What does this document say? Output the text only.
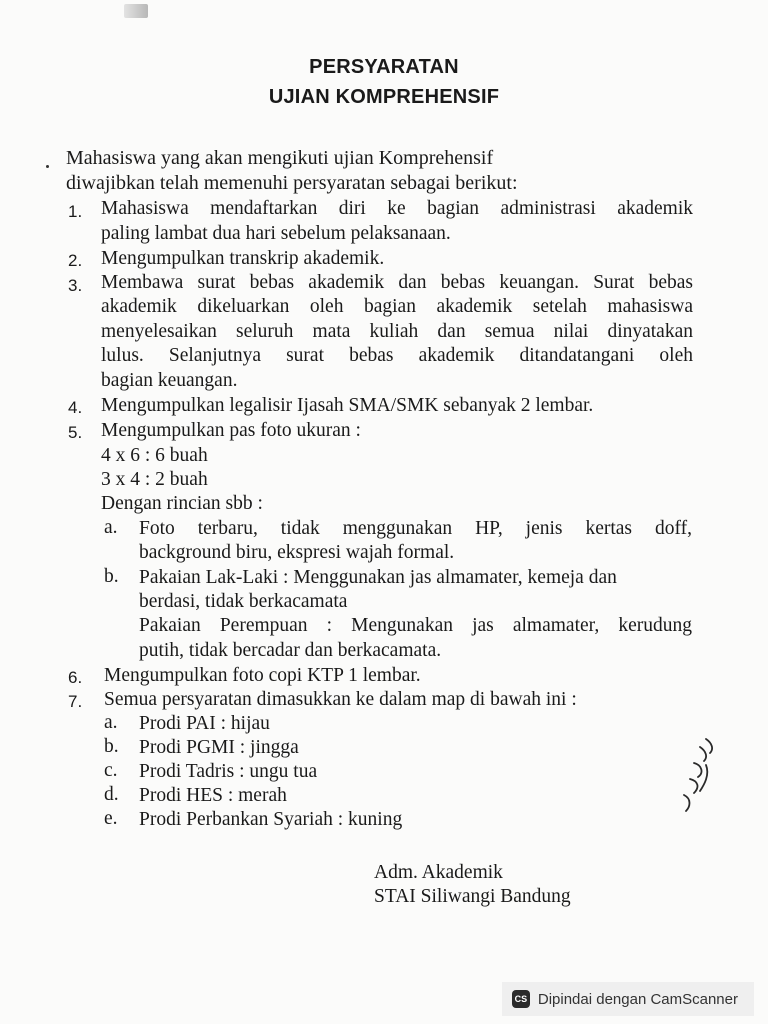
PERSYARATAN
UJIAN KOMPREHENSIF
Mahasiswa yang akan mengikuti ujian Komprehensif
diwajibkan telah memenuhi persyaratan sebagai berikut:
1. Mahasiswa mendaftarkan diri ke bagian administrasi akademik
paling lambat dua hari sebelum pelaksanaan.
2. Mengumpulkan transkrip akademik.
3. Membawa surat bebas akademik dan bebas keuangan. Surat bebas
akademik dikeluarkan oleh bagian akademik setelah mahasiswa
menyelesaikan seluruh mata kuliah dan semua nilai dinyatakan
lulus. Selanjutnya surat bebas akademik ditandatangani oleh
bagian keuangan.
4. Mengumpulkan legalisir Ijasah SMA/SMK sebanyak 2 lembar.
5. Mengumpulkan pas foto ukuran :
4 x 6 : 6 buah
3 x 4 : 2 buah
Dengan rincian sbb :
a. Foto terbaru, tidak menggunakan HP, jenis kertas doff,
background biru, ekspresi wajah formal.
b. Pakaian Lak-Laki : Menggunakan jas almamater, kemeja dan
berdasi, tidak berkacamata
Pakaian Perempuan : Mengunakan jas almamater, kerudung
putih, tidak bercadar dan berkacamata.
6.	Mengumpulkan foto copi KTP 1 lembar.
7.	Semua persyaratan dimasukkan ke dalam map di bawah ini :
a. Prodi PAI : hijau
b. Prodi PGMI : jingga
c. Prodi Tadris : ungu tua
d. Prodi HES : merah
e. Prodi Perbankan Syariah : kuning
Adm. Akademik
STAI Siliwangi Bandung
CS Dipindai dengan CamScanner
